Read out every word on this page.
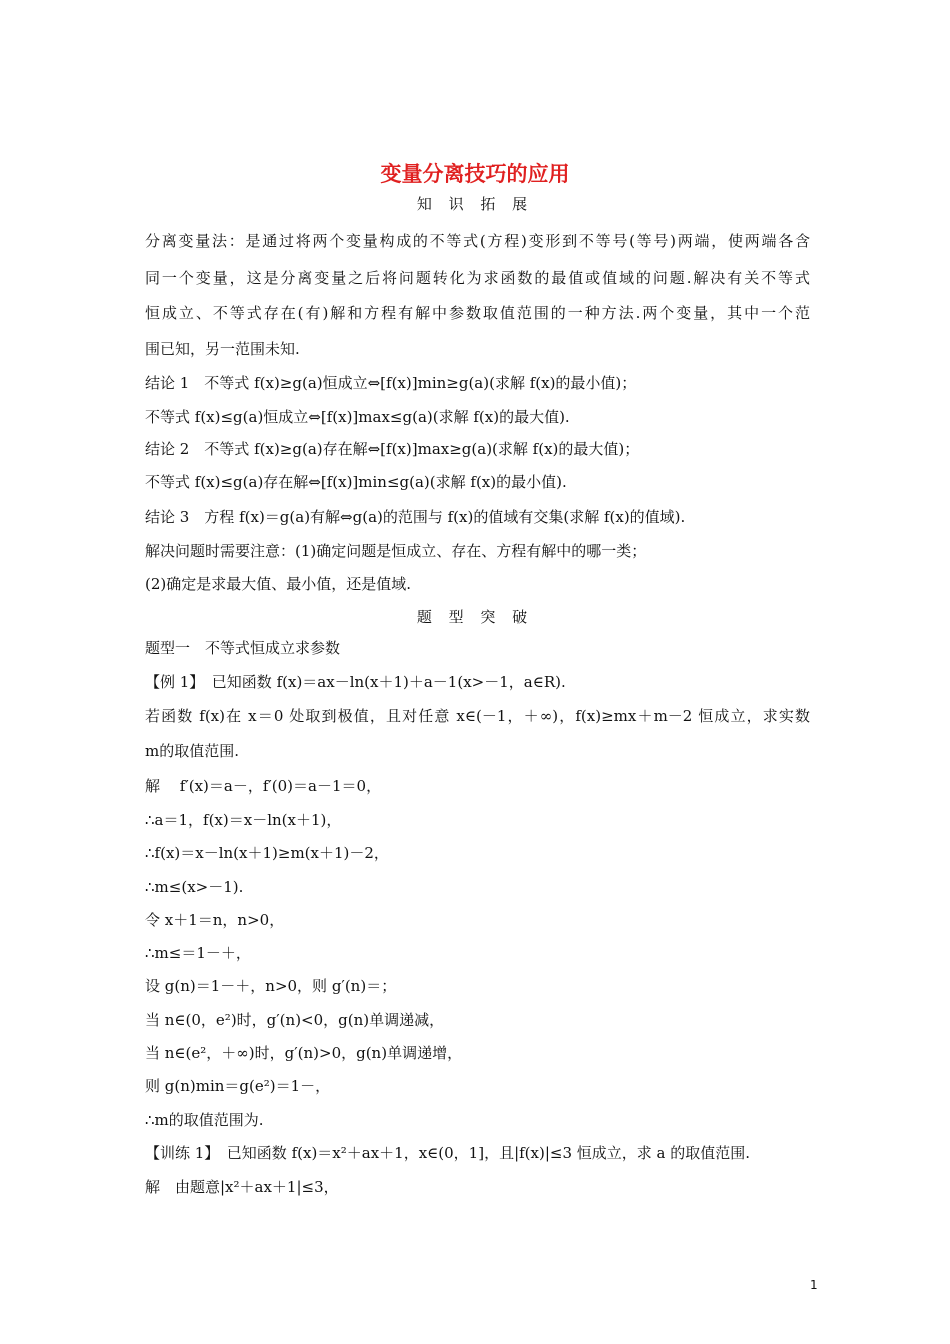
变量分离技巧的应用
知 识 拓 展
分离变量法：是通过将两个变量构成的不等式(方程)变形到不等号(等号)两端，使两端各含
同一个变量，这是分离变量之后将问题转化为求函数的最值或值域的问题.解决有关不等式
恒成立、不等式存在(有)解和方程有解中参数取值范围的一种方法.两个变量，其中一个范
围已知，另一范围未知.
结论 1　不等式 f(x)≥g(a)恒成立⇔[f(x)]min≥g(a)(求解 f(x)的最小值)；
不等式 f(x)≤g(a)恒成立⇔[f(x)]max≤g(a)(求解 f(x)的最大值).
结论 2　不等式 f(x)≥g(a)存在解⇔[f(x)]max≥g(a)(求解 f(x)的最大值)；
不等式 f(x)≤g(a)存在解⇔[f(x)]min≤g(a)(求解 f(x)的最小值).
结论 3　方程 f(x)＝g(a)有解⇔g(a)的范围与 f(x)的值域有交集(求解 f(x)的值域).
解决问题时需要注意：(1)确定问题是恒成立、存在、方程有解中的哪一类；
(2)确定是求最大值、最小值，还是值域.
题 型 突 破
题型一　不等式恒成立求参数
【例 1】　已知函数 f(x)＝ax－ln(x＋1)＋a－1(x>－1，a∈R).
若函数 f(x)在 x＝0 处取到极值，且对任意 x∈(－1，＋∞)，f(x)≥mx＋m－2 恒成立，求实数
m的取值范围.
解　 f′(x)＝a－，f′(0)＝a－1＝0，
∴a＝1，f(x)＝x－ln(x＋1)，
∴f(x)＝x－ln(x＋1)≥m(x＋1)－2，
∴m≤(x>－1).
令 x＋1＝n，n>0，
∴m≤＝1－＋，
设 g(n)＝1－＋，n>0，则 g′(n)＝；
当 n∈(0，e²)时，g′(n)<0，g(n)单调递减，
当 n∈(e²，＋∞)时，g′(n)>0，g(n)单调递增，
则 g(n)min＝g(e²)＝1－，
∴m的取值范围为.
【训练 1】　已知函数 f(x)＝x²＋ax＋1，x∈(0，1]，且|f(x)|≤3 恒成立，求 a 的取值范围.
解　由题意|x²＋ax＋1|≤3，
1
